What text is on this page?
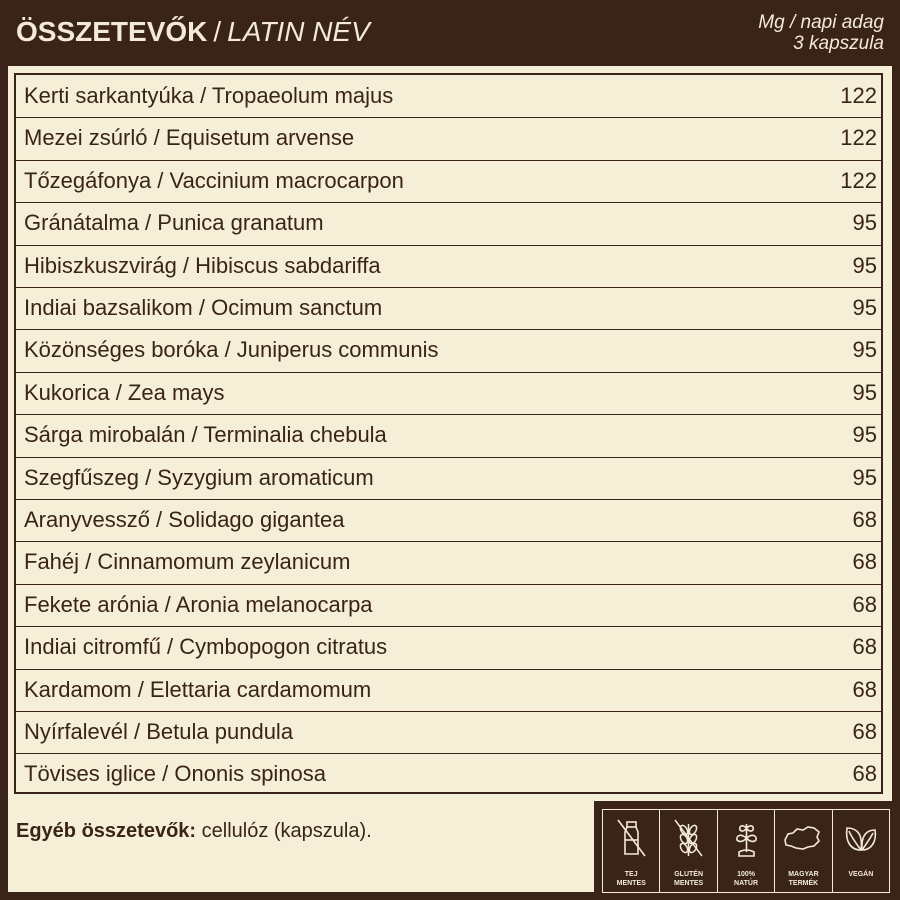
ÖSSZETEVŐK / LATIN NÉV	Mg / napi adag
3 kapszula
Kerti sarkantyúka / Tropaeolum majus	122
Mezei zsúrló / Equisetum arvense	122
Tőzegáfonya / Vaccinium macrocarpon	122
Gránátalma / Punica granatum	95
Hibiszkuszvirág / Hibiscus sabdariffa	95
Indiai bazsalikom / Ocimum sanctum	95
Közönséges boróka / Juniperus communis	95
Kukorica / Zea mays	95
Sárga mirobalán / Terminalia chebula	95
Szegfűszeg / Syzygium aromaticum	95
Aranyvessző / Solidago gigantea	68
Fahéj / Cinnamomum zeylanicum	68
Fekete arónia / Aronia melanocarpa	68
Indiai citromfű / Cymbopogon citratus	68
Kardamom / Elettaria cardamomum	68
Nyírfalevél / Betula pundula	68
Tövises iglice / Ononis spinosa	68
Egyéb összetevők: cellulóz (kapszula).
TEJ
MENTES
GLUTÉN
MENTES
100%
NATÚR
MAGYAR
TERMÉK
VEGÁN
